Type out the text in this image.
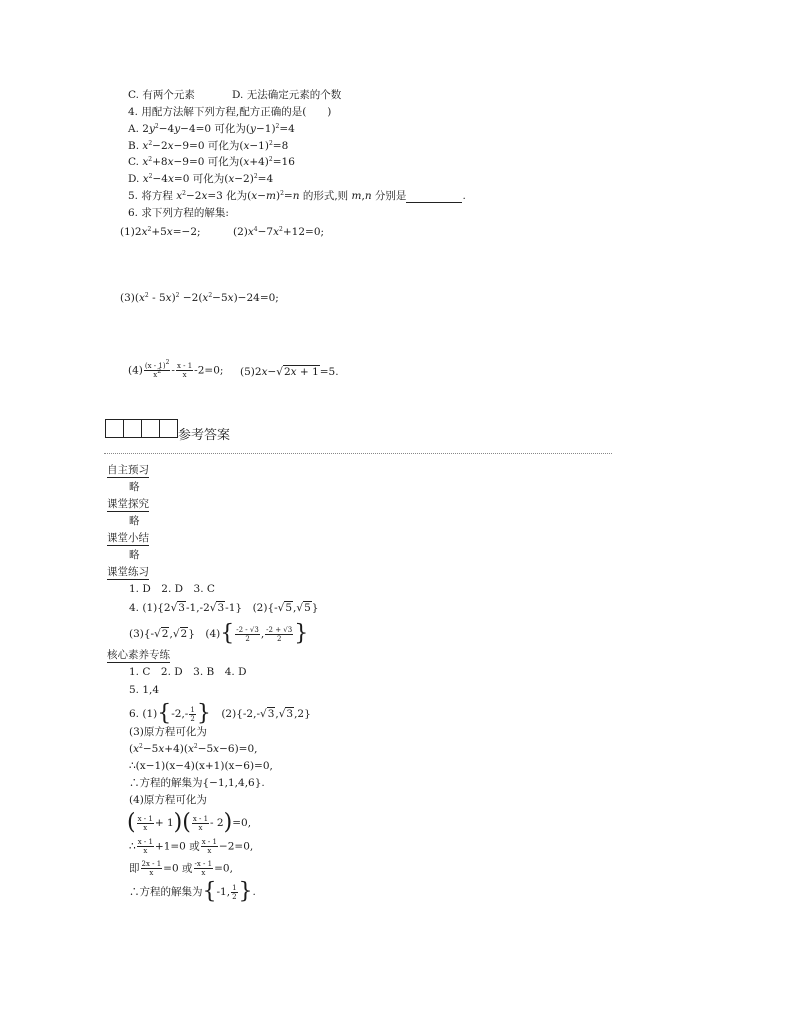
C. 有两个元素	D. 无法确定元素的个数
4. 用配方法解下列方程,配方正确的是(　　)
A. $2y^2-4y-4=0$ 可化为$(y-1)^2=4$
B. $x^2-2x-9=0$ 可化为$(x-1)^2=8$
C. $x^2+8x-9=0$ 可化为$(x+4)^2=16$
D. $x^2-4x=0$ 可化为$(x-2)^2=4$
5. 将方程 $x^2-2x=3$ 化为$(x-m)^2=n$ 的形式,则 m,n 分别是	.
6. 求下列方程的解集:
$(1)2x^2+5x=-2$;	$(2)x^4-7x^2+12=0$;
$(3)(x^2 - 5x)^2 -2(x^2-5x)-24=0$;
$(4) \frac{(x - 1)^2}{x^2} - \frac{x - 1}{x} -2=0$; (5)2x−√2x + 1=5.
参考答案
自主预习
略
课堂探究
略
课堂小结
略
课堂练习
1. D　2. D　3. C
4. (1){2√3-1,-2√3-1}　(2){-√5,√5}
(3){-√2,√2}　$(4)\{ \frac{-2 - √3}{2}$ , $\frac{-2 + √3}{2}$ }
核心素养专练
1. C　2. D　3. B　4. D
5. 1,4
6. $(1)\{-2,- \frac{1}{2}$ }　(2){-2,-√3,√3,2}
(3)原方程可化为
$(x^2-5x+4)(x^2-5x-6)=0$,
∴(x−1)(x−4)(x+1)(x−6)=0,
∴方程的解集为{−1,1,4,6}.
(4)原方程可化为
( $\frac{x - 1}{x} + 1)( \frac{x - 1}{x} - 2)=0$,
∴ $\frac{x - 1}{x} +1=0$ 或 $\frac{x - 1}{x} -2=0$,
即 $\frac{2x - 1}{x} =0$ 或 $\frac{-x - 1}{x} =0$,
∴方程的解集为{-1, $\frac{1}{2}$ }.
